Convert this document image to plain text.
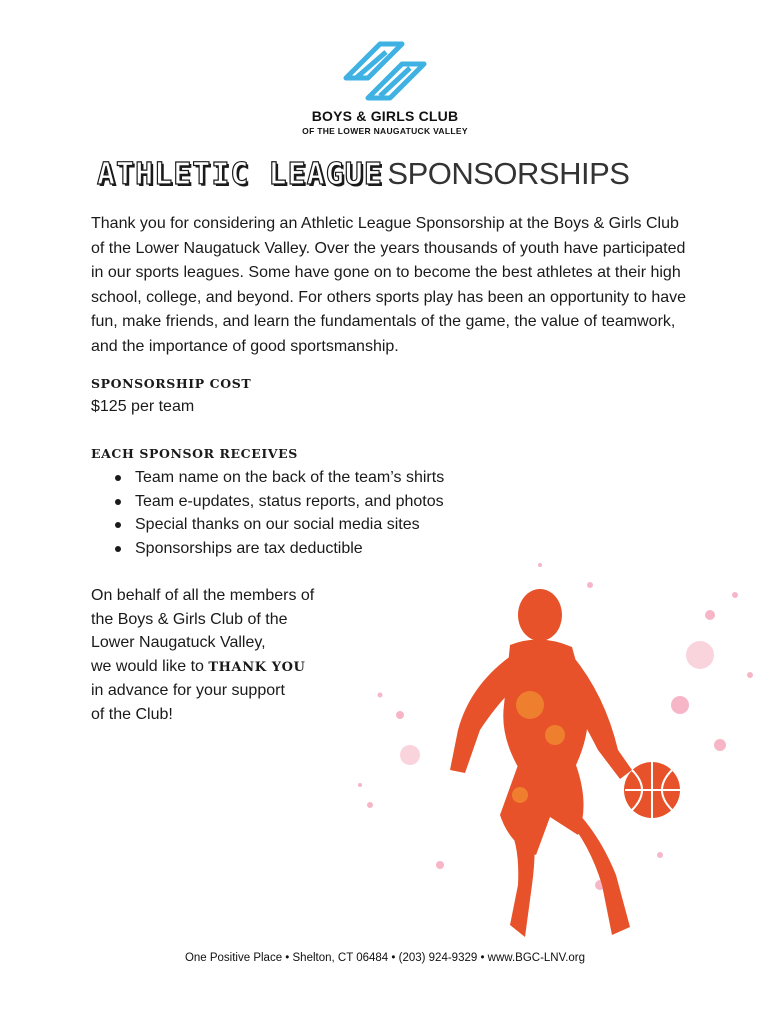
BOYS & GIRLS CLUB
OF THE LOWER NAUGATUCK VALLEY
ATHLETIC LEAGUE SPONSORSHIPS

Thank you for considering an Athletic League Sponsorship at the Boys & Girls Club of the Lower Naugatuck Valley. Over the years thousands of youth have participated in our sports leagues. Some have gone on to become the best athletes at their high school, college, and beyond. For others sports play has been an opportunity to have fun, make friends, and learn the fundamentals of the game, the value of teamwork, and the importance of good sportsmanship.

SPONSORSHIP COST
$125 per team
EACH SPONSOR RECEIVES
Team name on the back of the team’s shirts
Team e-updates, status reports, and photos
Special thanks on our social media sites
Sponsorships are tax deductible
On behalf of all the members of
the Boys & Girls Club of the
Lower Naugatuck Valley,
we would like to THANK YOU
in advance for your support
of the Club!
One Positive Place • Shelton, CT 06484 • (203) 924-9329 • www.BGC-LNV.org
